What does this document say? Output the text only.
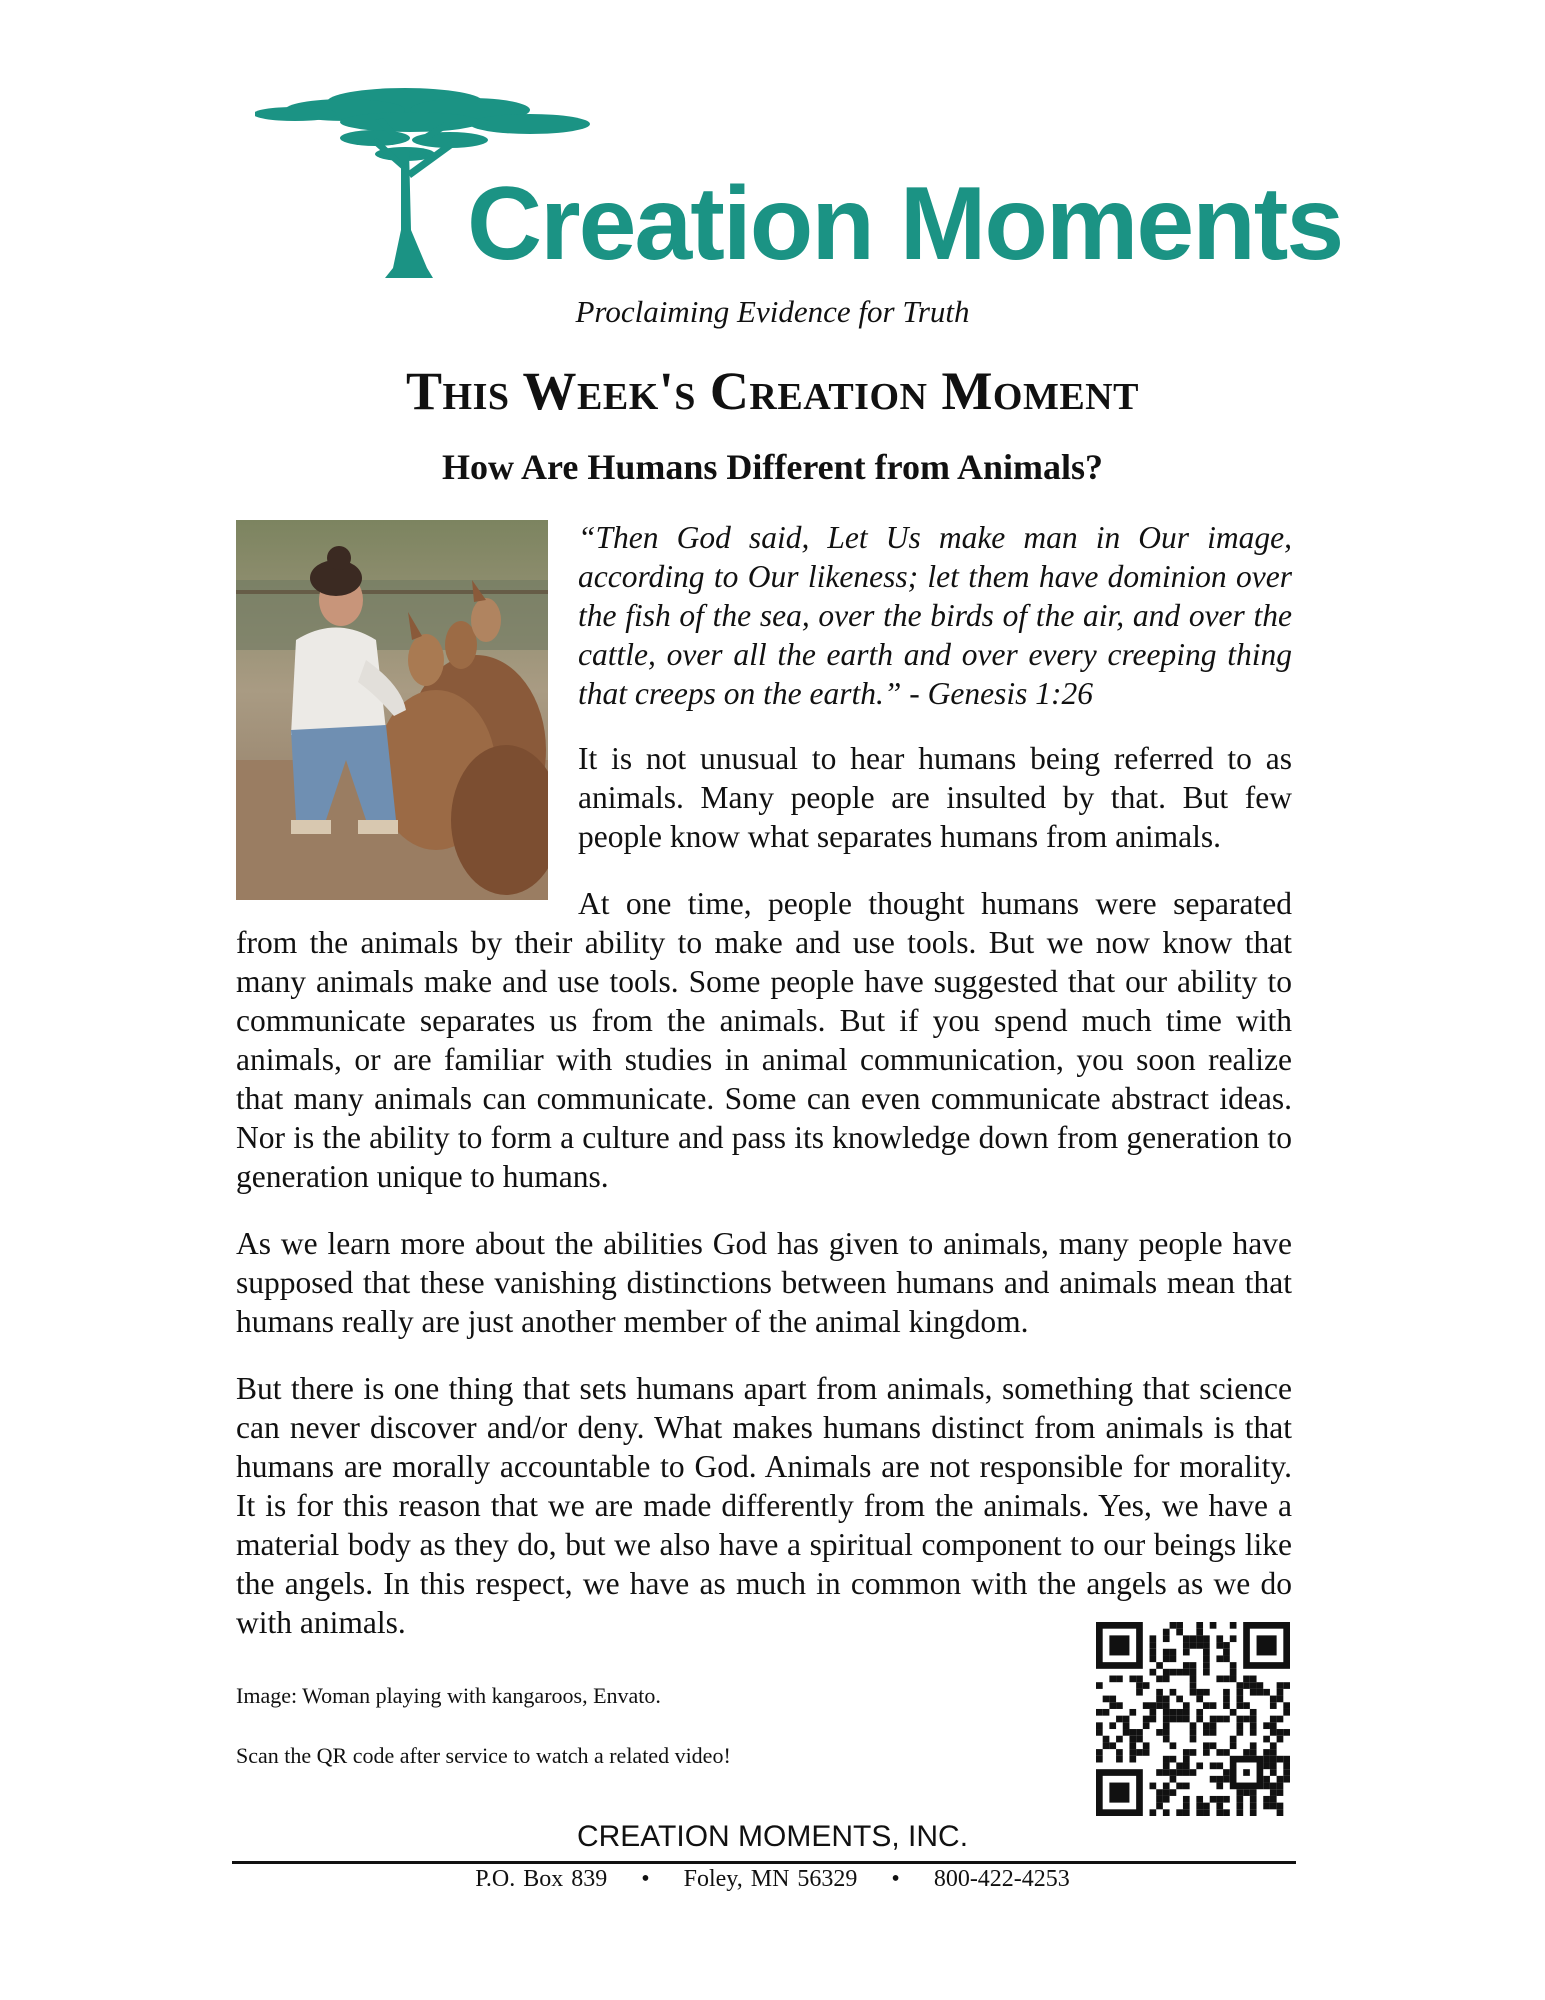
Creation Moments
Proclaiming Evidence for Truth
This Week's Creation Moment
How Are Humans Different from Animals?

“Then God said, Let Us make man in Our image, according to Our likeness; let them have dominion over the fish of the sea, over the birds of the air, and over the cattle, over all the earth and over every creeping thing that creeps on the earth.” - Genesis 1:26

It is not unusual to hear humans being referred to as animals. Many people are insulted by that. But few people know what separates humans from animals.

At one time, people thought humans were separated from the animals by their ability to make and use tools. But we now know that many animals make and use tools. Some people have suggested that our ability to communicate separates us from the animals. But if you spend much time with animals, or are familiar with studies in animal communication, you soon realize that many animals can communicate. Some can even communicate abstract ideas. Nor is the ability to form a culture and pass its knowledge down from generation to generation unique to humans.

As we learn more about the abilities God has given to animals, many people have supposed that these vanishing distinctions between humans and animals mean that humans really are just another member of the animal kingdom.

But there is one thing that sets humans apart from animals, something that science can never discover and/or deny. What makes humans distinct from animals is that humans are morally accountable to God. Animals are not responsible for morality. It is for this reason that we are made differently from the animals. Yes, we have a material body as they do, but we also have a spiritual component to our beings like the angels. In this respect, we have as much in common with the angels as we do with animals.

Image: Woman playing with kangaroos, Envato.
Scan the QR code after service to watch a related video!
CREATION MOMENTS, INC.
P.O. Box 839 • Foley, MN 56329 • 800-422-4253
